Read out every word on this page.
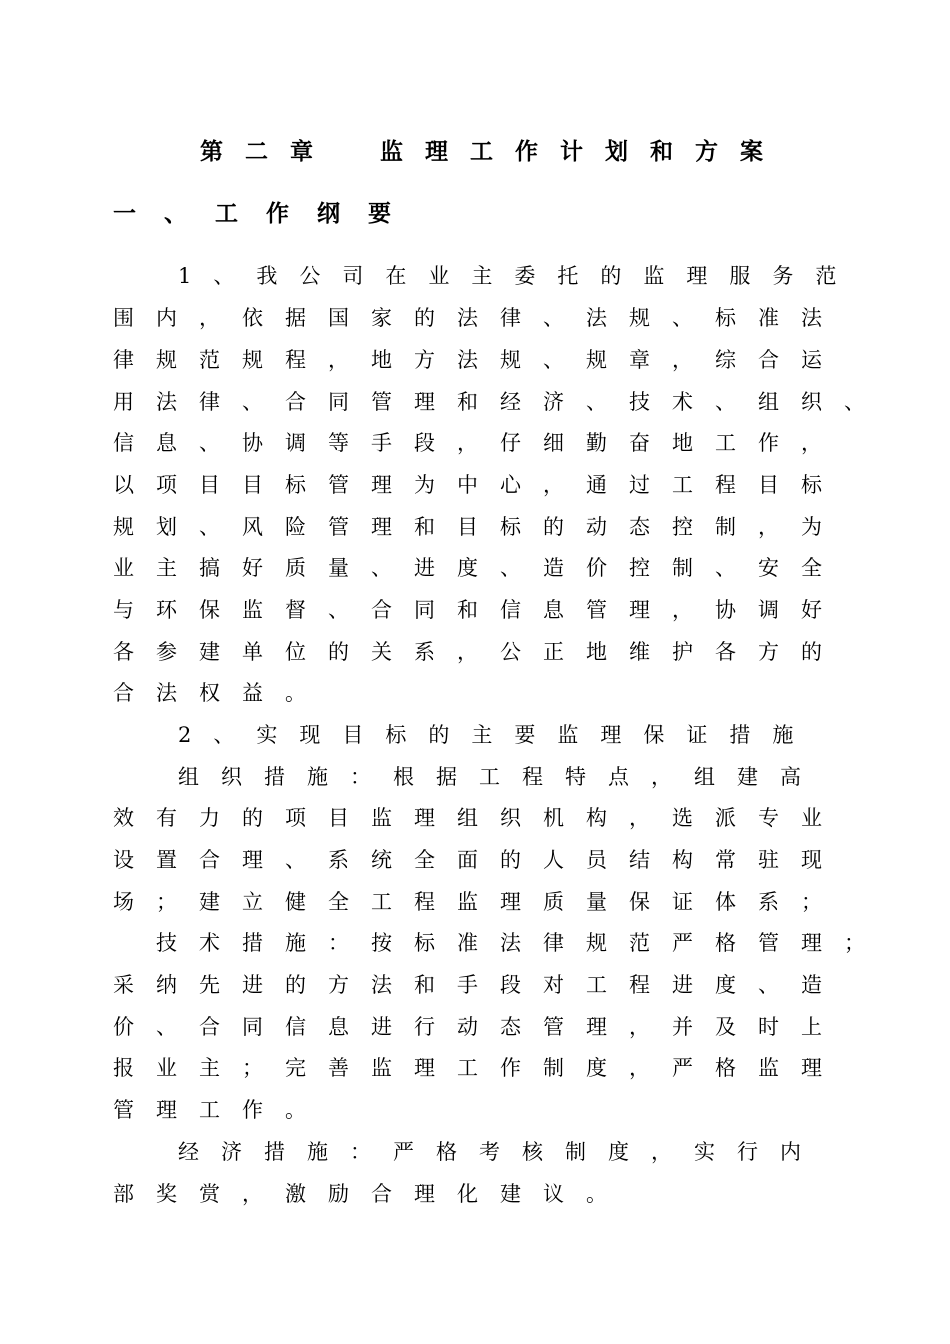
第二章　监理工作计划和方案

一、工作纲要

1、我公司在业主委托的监理服务范

围内，依据国家的法律、法规、标准法

律规范规程，地方法规、规章，综合运

用法律、合同管理和经济、技术、组织、

信息、协调等手段，仔细勤奋地工作，

以项目目标管理为中心，通过工程目标

规划、风险管理和目标的动态控制，为

业主搞好质量、进度、造价控制、安全

与环保监督、合同和信息管理，协调好

各参建单位的关系，公正地维护各方的

合法权益。

2、实现目标的主要监理保证措施

组织措施：根据工程特点，组建高

效有力的项目监理组织机构，选派专业

设置合理、系统全面的人员结构常驻现

场；建立健全工程监理质量保证体系；

技术措施：按标准法律规范严格管理；

采纳先进的方法和手段对工程进度、造

价、合同信息进行动态管理，并及时上

报业主；完善监理工作制度，严格监理

管理工作。

经济措施：严格考核制度，实行内

部奖赏，激励合理化建议。
